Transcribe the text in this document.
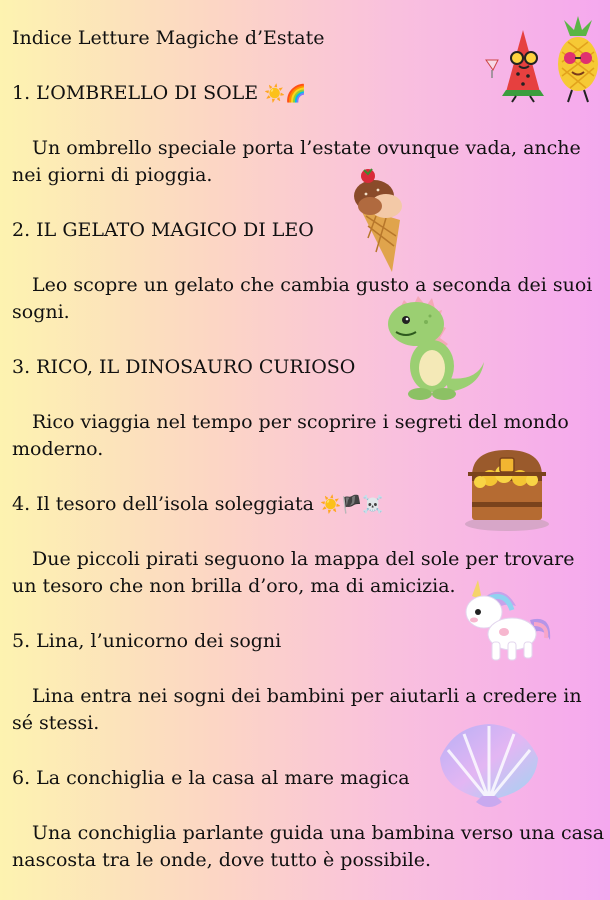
Indice Letture Magiche d’Estate
1. L’OMBRELLO DI SOLE ☀️🌈
Un ombrello speciale porta l’estate ovunque vada, anche
nei giorni di pioggia.
2. IL GELATO MAGICO DI LEO
Leo scopre un gelato che cambia gusto a seconda dei suoi
sogni.
3. RICO, IL DINOSAURO CURIOSO
Rico viaggia nel tempo per scoprire i segreti del mondo
moderno.
4. Il tesoro dell’isola soleggiata ☀️🏴☠️
Due piccoli pirati seguono la mappa del sole per trovare
un tesoro che non brilla d’oro, ma di amicizia.
5. Lina, l’unicorno dei sogni
Lina entra nei sogni dei bambini per aiutarli a credere in
sé stessi.
6. La conchiglia e la casa al mare magica
Una conchiglia parlante guida una bambina verso una casa
nascosta tra le onde, dove tutto è possibile.
